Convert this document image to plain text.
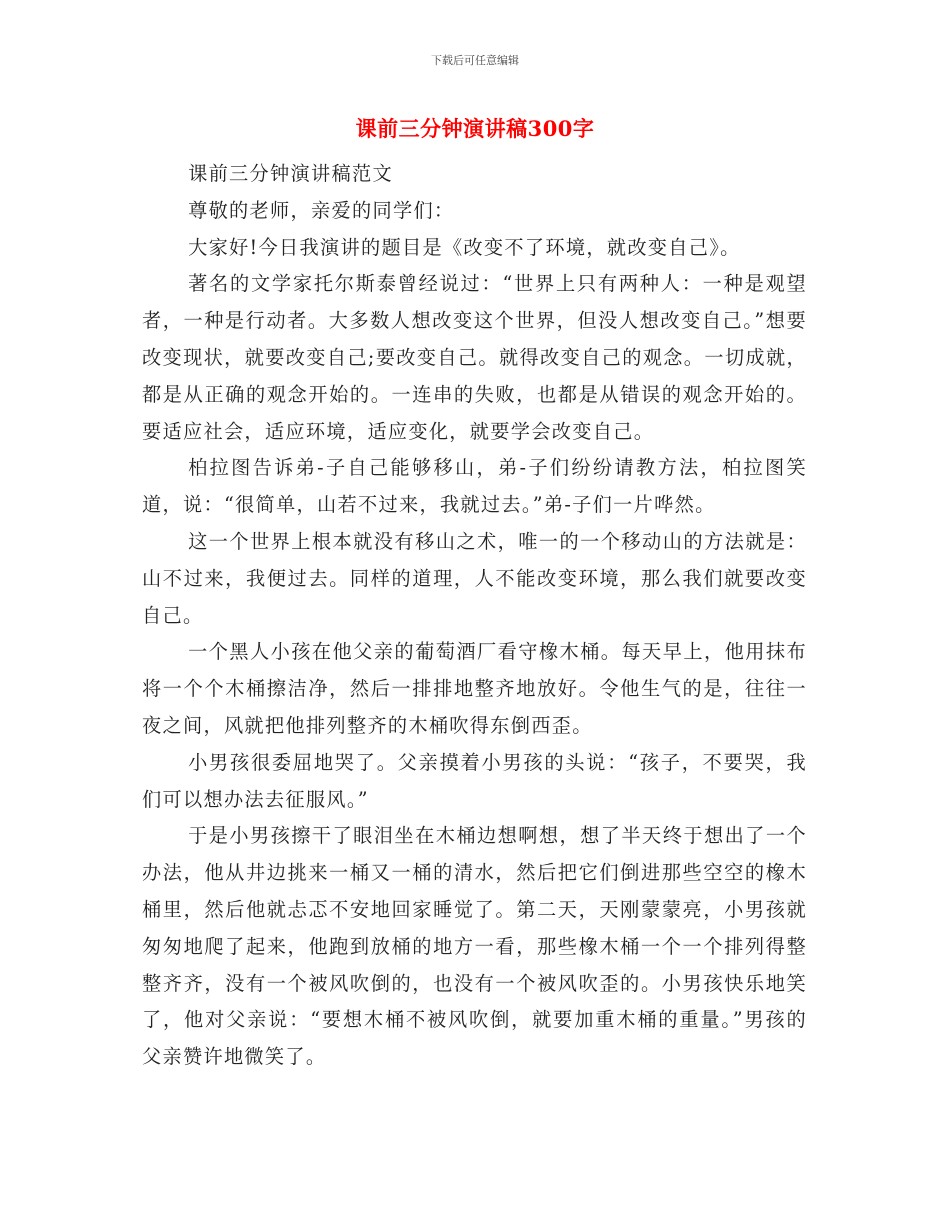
下载后可任意编辑
课前三分钟演讲稿300字

课前三分钟演讲稿范文

尊敬的老师，亲爱的同学们：

大家好!今日我演讲的题目是《改变不了环境，就改变自己》。

著名的文学家托尔斯泰曾经说过：“世界上只有两种人：一种是观望者，一种是行动者。大多数人想改变这个世界，但没人想改变自己。”想要改变现状，就要改变自己;要改变自己。就得改变自己的观念。一切成就，都是从正确的观念开始的。一连串的失败，也都是从错误的观念开始的。要适应社会，适应环境，适应变化，就要学会改变自己。

柏拉图告诉弟-子自己能够移山，弟-子们纷纷请教方法，柏拉图笑道，说：“很简单，山若不过来，我就过去。”弟-子们一片哗然。

这一个世界上根本就没有移山之术，唯一的一个移动山的方法就是：山不过来，我便过去。同样的道理，人不能改变环境，那么我们就要改变自己。

一个黑人小孩在他父亲的葡萄酒厂看守橡木桶。每天早上，他用抹布将一个个木桶擦洁净，然后一排排地整齐地放好。令他生气的是，往往一夜之间，风就把他排列整齐的木桶吹得东倒西歪。

小男孩很委屈地哭了。父亲摸着小男孩的头说：“孩子，不要哭，我们可以想办法去征服风。”

于是小男孩擦干了眼泪坐在木桶边想啊想，想了半天终于想出了一个办法，他从井边挑来一桶又一桶的清水，然后把它们倒进那些空空的橡木桶里，然后他就忐忑不安地回家睡觉了。第二天，天刚蒙蒙亮，小男孩就匆匆地爬了起来，他跑到放桶的地方一看，那些橡木桶一个一个排列得整整齐齐，没有一个被风吹倒的，也没有一个被风吹歪的。小男孩快乐地笑了，他对父亲说：“要想木桶不被风吹倒，就要加重木桶的重量。”男孩的父亲赞许地微笑了。
